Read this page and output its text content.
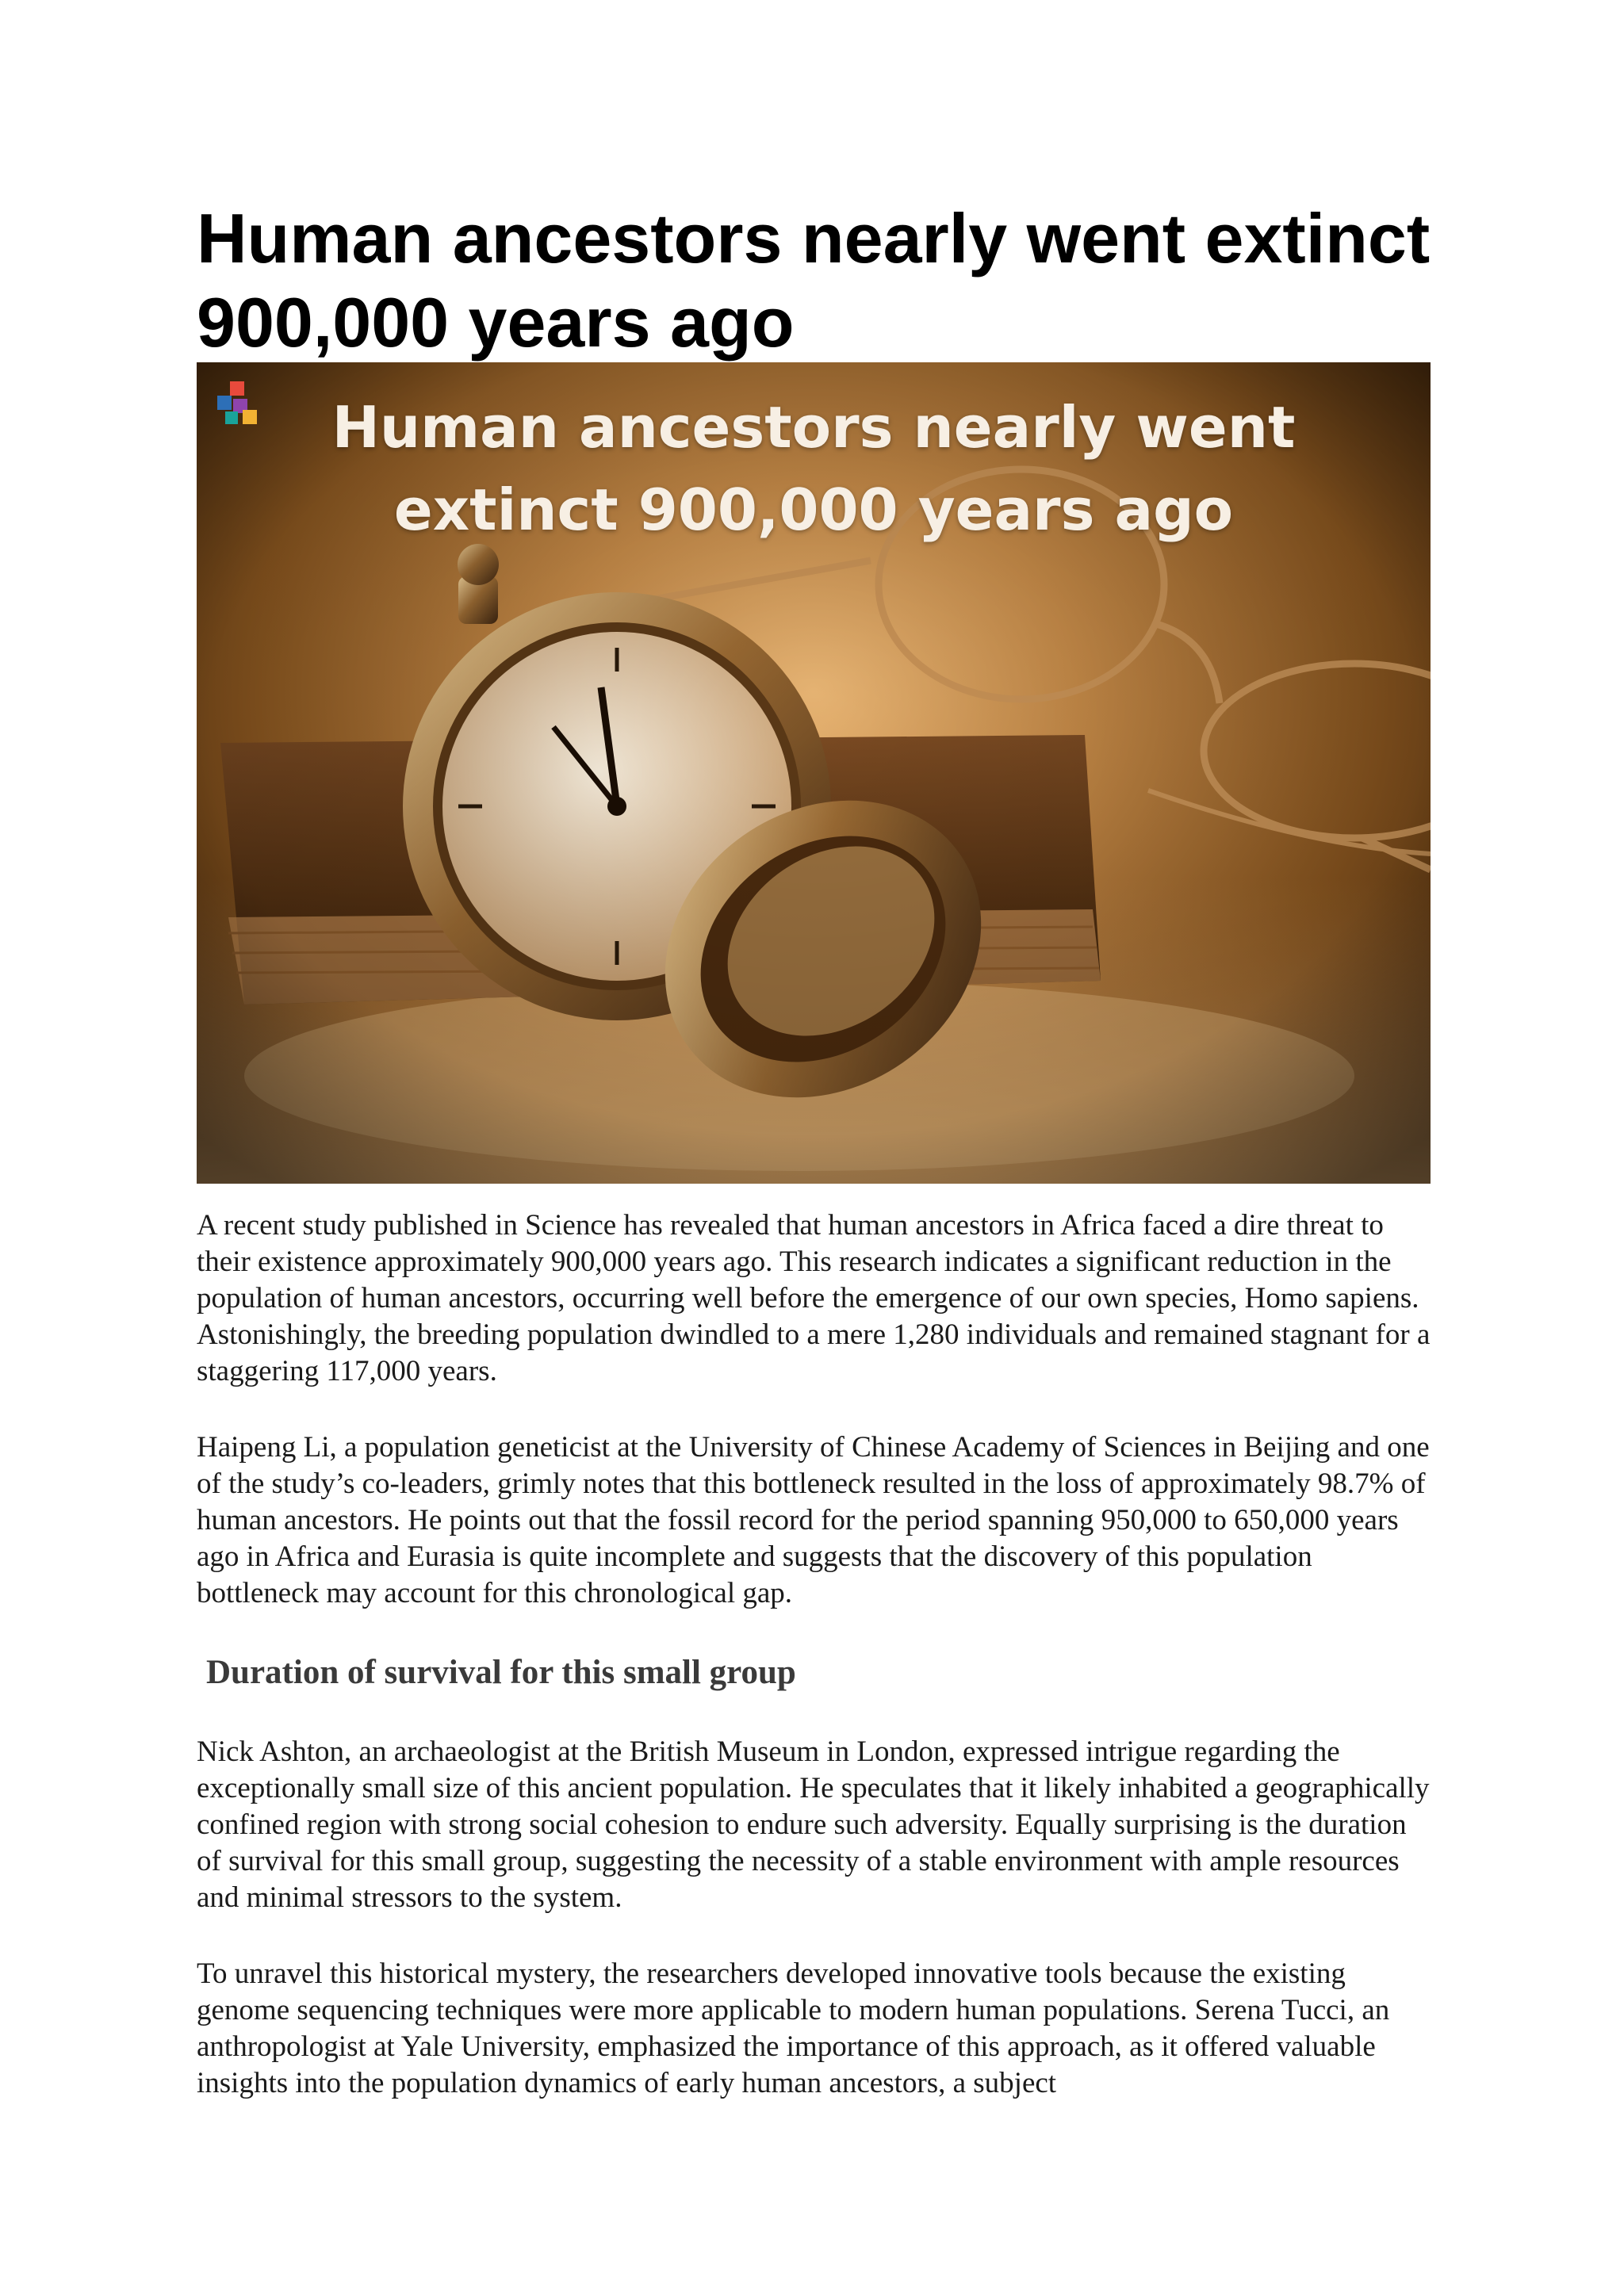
Human ancestors nearly went extinct 900,000 years ago
Human ancestors nearly went
extinct 900,000 years ago

A recent study published in Science has revealed that human ancestors in Africa faced a dire threat to their existence approximately 900,000 years ago. This research indicates a significant reduction in the population of human ancestors, occurring well before the emergence of our own species, Homo sapiens. Astonishingly, the breeding population dwindled to a mere 1,280 individuals and remained stagnant for a staggering 117,000 years.

Haipeng Li, a population geneticist at the University of Chinese Academy of Sciences in Beijing and one of the study’s co-leaders, grimly notes that this bottleneck resulted in the loss of approximately 98.7% of human ancestors. He points out that the fossil record for the period spanning 950,000 to 650,000 years ago in Africa and Eurasia is quite incomplete and suggests that the discovery of this population bottleneck may account for this chronological gap.

Duration of survival for this small group

Nick Ashton, an archaeologist at the British Museum in London, expressed intrigue regarding the exceptionally small size of this ancient population. He speculates that it likely inhabited a geographically confined region with strong social cohesion to endure such adversity. Equally surprising is the duration of survival for this small group, suggesting the necessity of a stable environment with ample resources and minimal stressors to the system.

To unravel this historical mystery, the researchers developed innovative tools because the existing genome sequencing techniques were more applicable to modern human populations. Serena Tucci, an anthropologist at Yale University, emphasized the importance of this approach, as it offered valuable insights into the population dynamics of early human ancestors, a subject
